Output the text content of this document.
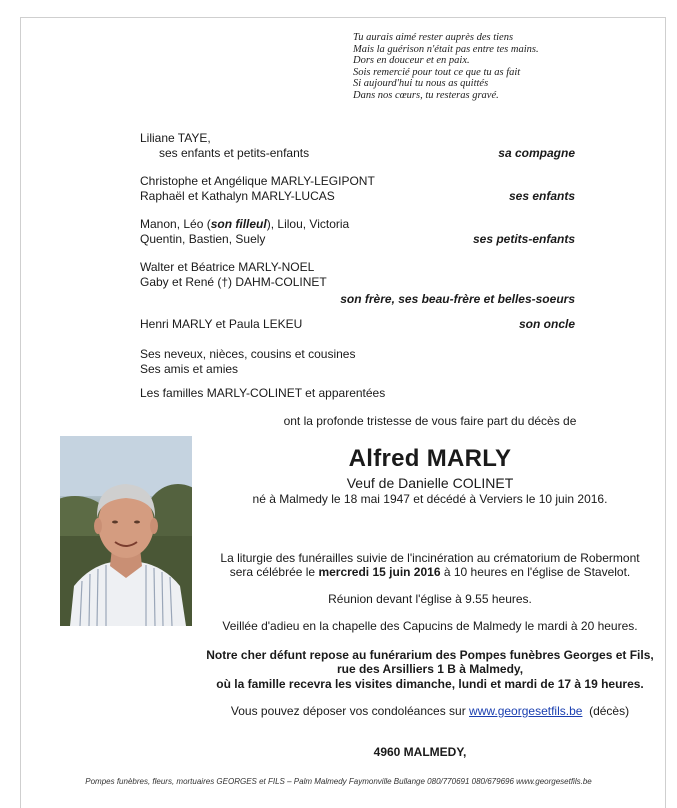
Tu aurais aimé rester auprès des tiens
Mais la guérison n'était pas entre tes mains.
Dors en douceur et en paix.
Sois remercié pour tout ce que tu as fait
Si aujourd'hui tu nous as quittés
Dans nos cœurs, tu resteras gravé.
Liliane TAYE,
ses enfants et petits-enfants	sa compagne
Christophe et Angélique MARLY-LEGIPONT
Raphaël et Kathalyn MARLY-LUCAS	ses enfants
Manon, Léo (son filleul), Lilou, Victoria
Quentin, Bastien, Suely	ses petits-enfants
Walter et Béatrice MARLY-NOEL
Gaby et René (†) DAHM-COLINET
son frère, ses beau-frère et belles-soeurs
Henri MARLY et Paula LEKEU	son oncle
Ses neveux, nièces, cousins et cousines
Ses amis et amies
Les familles MARLY-COLINET et apparentées
ont la profonde tristesse de vous faire part du décès de
Alfred MARLY
Veuf de Danielle COLINET
né à Malmedy le 18 mai 1947 et décédé à Verviers le 10 juin 2016.
La liturgie des funérailles suivie de l'incinération au crématorium de Robermont
sera célébrée le mercredi 15 juin 2016 à 10 heures en l'église de Stavelot.
Réunion devant l'église à 9.55 heures.
Veillée d'adieu en la chapelle des Capucins de Malmedy le mardi à 20 heures.
Notre cher défunt repose au funérarium des Pompes funèbres Georges et Fils,
rue des Arsilliers 1 B à Malmedy,
où la famille recevra les visites dimanche, lundi et mardi de 17 à 19 heures.
Vous pouvez déposer vos condoléances sur www.georgesetfils.be  (décès)
4960 MALMEDY,
Pompes funèbres, fleurs, mortuaires GEORGES et FILS – Palm Malmedy Faymonville Bullange 080/770691 080/679696 www.georgesetfils.be
